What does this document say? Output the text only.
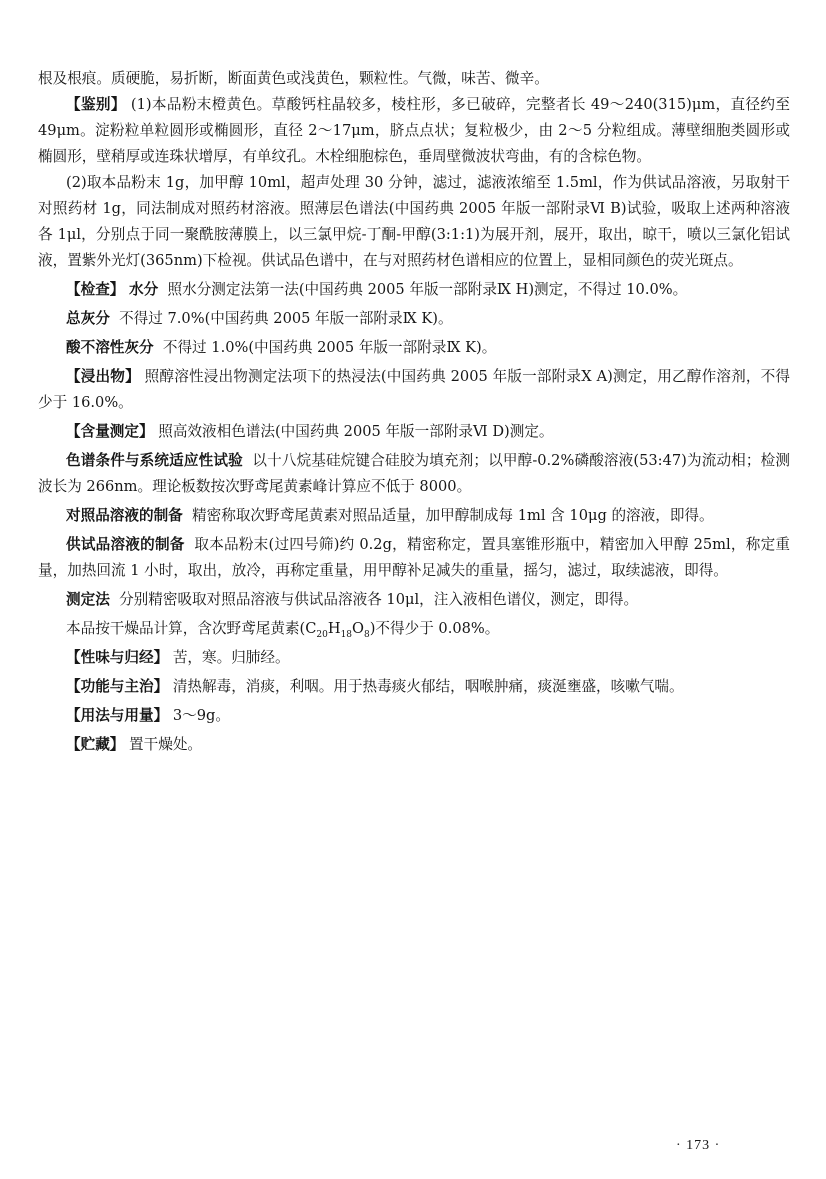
根及根痕。质硬脆，易折断，断面黄色或浅黄色，颗粒性。气微，味苦、微辛。

【鉴别】 (1)本品粉末橙黄色。草酸钙柱晶较多，棱柱形，多已破碎，完整者长 49～240(315)μm，直径约至 49μm。淀粉粒单粒圆形或椭圆形，直径 2～17μm，脐点点状；复粒极少，由 2～5 分粒组成。薄壁细胞类圆形或椭圆形，壁稍厚或连珠状增厚，有单纹孔。木栓细胞棕色，垂周壁微波状弯曲，有的含棕色物。

(2)取本品粉末 1g，加甲醇 10ml，超声处理 30 分钟，滤过，滤液浓缩至 1.5ml，作为供试品溶液，另取射干对照药材 1g，同法制成对照药材溶液。照薄层色谱法(中国药典 2005 年版一部附录Ⅵ B)试验，吸取上述两种溶液各 1μl，分别点于同一聚酰胺薄膜上，以三氯甲烷-丁酮-甲醇(3:1:1)为展开剂，展开，取出，晾干，喷以三氯化铝试液，置紫外光灯(365nm)下检视。供试品色谱中，在与对照药材色谱相应的位置上，显相同颜色的荧光斑点。

【检查】 水分 照水分测定法第一法(中国药典 2005 年版一部附录Ⅸ H)测定，不得过 10.0%。

总灰分 不得过 7.0%(中国药典 2005 年版一部附录Ⅸ K)。

酸不溶性灰分 不得过 1.0%(中国药典 2005 年版一部附录Ⅸ K)。

【浸出物】 照醇溶性浸出物测定法项下的热浸法(中国药典 2005 年版一部附录Ⅹ A)测定，用乙醇作溶剂，不得少于 16.0%。

【含量测定】 照高效液相色谱法(中国药典 2005 年版一部附录Ⅵ D)测定。

色谱条件与系统适应性试验 以十八烷基硅烷键合硅胶为填充剂；以甲醇-0.2%磷酸溶液(53:47)为流动相；检测波长为 266nm。理论板数按次野鸢尾黄素峰计算应不低于 8000。

对照品溶液的制备 精密称取次野鸢尾黄素对照品适量，加甲醇制成每 1ml 含 10μg 的溶液，即得。

供试品溶液的制备 取本品粉末(过四号筛)约 0.2g，精密称定，置具塞锥形瓶中，精密加入甲醇 25ml，称定重量，加热回流 1 小时，取出，放冷，再称定重量，用甲醇补足减失的重量，摇匀，滤过，取续滤液，即得。

测定法 分别精密吸取对照品溶液与供试品溶液各 10μl，注入液相色谱仪，测定，即得。

本品按干燥品计算，含次野鸢尾黄素$(C_{20}H_{18}O_8)$不得少于 0.08%。

【性味与归经】 苦，寒。归肺经。

【功能与主治】 清热解毒，消痰，利咽。用于热毒痰火郁结，咽喉肿痛，痰涎壅盛，咳嗽气喘。

【用法与用量】 3～9g。

【贮藏】 置干燥处。

· 173 ·
